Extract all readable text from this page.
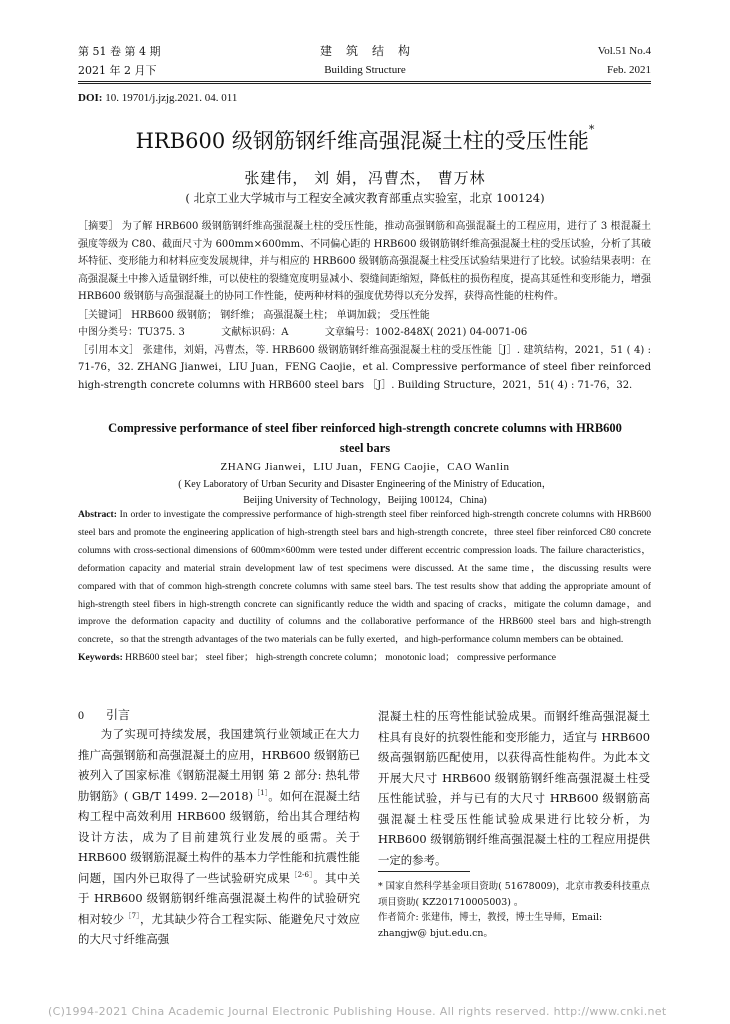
第 51 卷 第 4 期
2021 年 2 月下
建筑结构
Building Structure
Vol.51 No.4
Feb. 2021
DOI: 10. 19701/j.jzjg.2021. 04. 011
HRB600 级钢筋钢纤维高强混凝土柱的受压性能*
张建伟， 刘 娟，冯曹杰， 曹万林
( 北京工业大学城市与工程安全减灾教育部重点实验室，北京 100124)

［摘要］ 为了解 HRB600 级钢筋钢纤维高强混凝土柱的受压性能，推动高强钢筋和高强混凝土的工程应用，进行了 3 根混凝土强度等级为 C80、截面尺寸为 600mm×600mm、不同偏心距的 HRB600 级钢筋钢纤维高强混凝土柱的受压试验，分析了其破坏特征、变形能力和材料应变发展规律，并与相应的 HRB600 级钢筋高强混凝土柱受压试验结果进行了比较。试验结果表明：在高强混凝土中掺入适量钢纤维，可以使柱的裂缝宽度明显减小、裂缝间距缩短，降低柱的损伤程度，提高其延性和变形能力，增强 HRB600 级钢筋与高强混凝土的协同工作性能，使两种材料的强度优势得以充分发挥，获得高性能的柱构件。

［关键词］ HRB600 级钢筋； 钢纤维； 高强混凝土柱； 单调加载； 受压性能

中图分类号：TU375. 3	文献标识码：A	文章编号：1002-848X( 2021) 04-0071-06

［引用本文］ 张建伟，刘娟，冯曹杰，等. HRB600 级钢筋钢纤维高强混凝土柱的受压性能［J］. 建筑结构，2021，51 ( 4) : 71-76，32. ZHANG Jianwei，LIU Juan，FENG Caojie，et al. Compressive performance of steel fiber reinforced high-strength concrete columns with HRB600 steel bars ［J］. Building Structure，2021，51( 4) : 71-76，32.

Compressive performance of steel fiber reinforced high-strength concrete columns with HRB600
steel bars
ZHANG Jianwei，LIU Juan，FENG Caojie，CAO Wanlin
( Key Laboratory of Urban Security and Disaster Engineering of the Ministry of Education，
Beijing University of Technology，Beijing 100124，China)

Abstract: In order to investigate the compressive performance of high-strength steel fiber reinforced high-strength concrete columns with HRB600 steel bars and promote the engineering application of high-strength steel bars and high-strength concrete，three steel fiber reinforced C80 concrete columns with cross-sectional dimensions of 600mm×600mm were tested under different eccentric compression loads. The failure characteristics，deformation capacity and material strain development law of test specimens were discussed. At the same time，the discussing results were compared with that of common high-strength concrete columns with same steel bars. The test results show that adding the appropriate amount of high-strength steel fibers in high-strength concrete can significantly reduce the width and spacing of cracks，mitigate the column damage，and improve the deformation capacity and ductility of columns and the collaborative performance of the HRB600 steel bars and high-strength concrete，so that the strength advantages of the two materials can be fully exerted，and high-performance column members can be obtained.

Keywords: HRB600 steel bar； steel fiber； high-strength concrete column； monotonic load； compressive performance

0 引言

为了实现可持续发展，我国建筑行业领域正在大力推广高强钢筋和高强混凝土的应用，HRB600 级钢筋已被列入了国家标准《钢筋混凝土用钢 第 2 部分: 热轧带肋钢筋》( GB/T 1499. 2—2018)$^{[1]}$。如何在混凝土结构工程中高效利用 HRB600 级钢筋，给出其合理结构设计方法，成为了目前建筑行业发展的亟需。关于 HRB600 级钢筋混凝土构件的基本力学性能和抗震性能问题，国内外已取得了一些试验研究成果$^{[2-6]}$。其中关于 HRB600 级钢筋钢纤维高强混凝土构件的试验研究相对较少$^{[7]}$，尤其缺少符合工程实际、能避免尺寸效应的大尺寸纤维高强

混凝土柱的压弯性能试验成果。而钢纤维高强混凝土柱具有良好的抗裂性能和变形能力，适宜与 HRB600 级高强钢筋匹配使用，以获得高性能构件。为此本文开展大尺寸 HRB600 级钢筋钢纤维高强混凝土柱受压性能试验，并与已有的大尺寸 HRB600 级钢筋高强混凝土柱受压性能试验成果进行比较分析，为 HRB600 级钢筋钢纤维高强混凝土柱的工程应用提供一定的参考。

* 国家自然科学基金项目资助( 51678009)，北京市教委科技重点项目资助( KZ201710005003) 。

作者简介: 张建伟，博士，教授，博士生导师，Email: zhangjw@ bjut.edu.cn。

(C)1994-2021 China Academic Journal Electronic Publishing House. All rights reserved. http://www.cnki.net
